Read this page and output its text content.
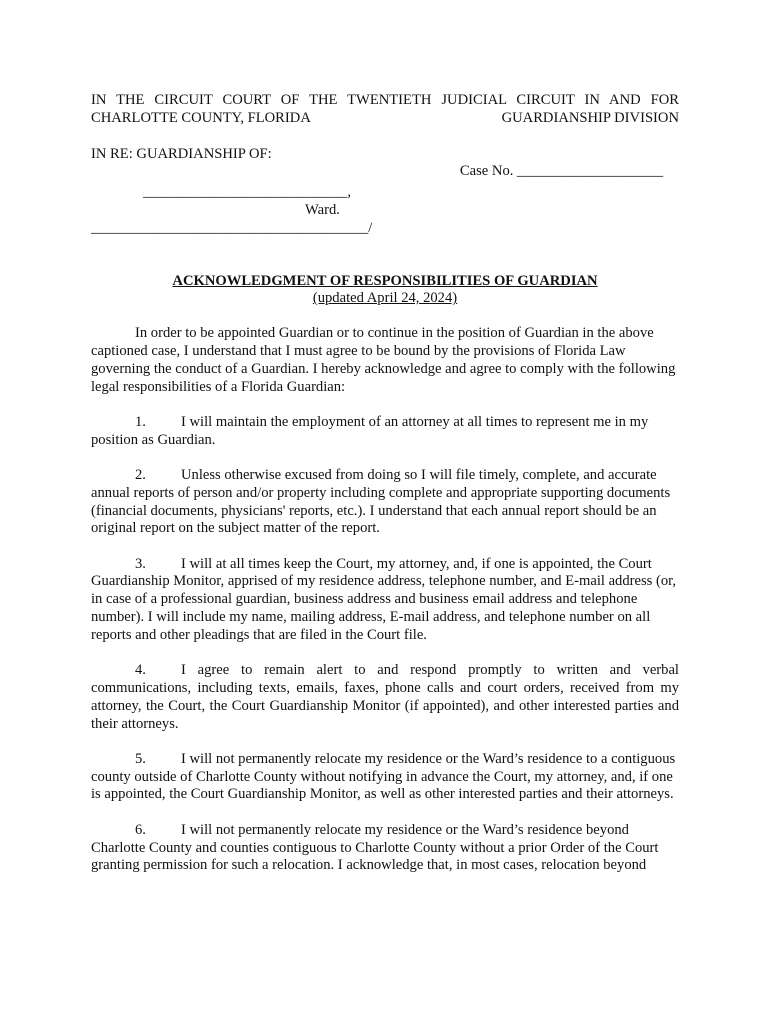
IN THE CIRCUIT COURT OF THE TWENTIETH JUDICIAL CIRCUIT IN AND FOR
CHARLOTTE COUNTY, FLORIDA	GUARDIANSHIP DIVISION
IN RE: GUARDIANSHIP OF:
Case No. ____________________
____________________________,
Ward.
______________________________________/
ACKNOWLEDGMENT OF RESPONSIBILITIES OF GUARDIAN
(updated April 24, 2024)

In order to be appointed Guardian or to continue in the position of Guardian in the above captioned case, I understand that I must agree to be bound by the provisions of Florida Law governing the conduct of a Guardian. I hereby acknowledge and agree to comply with the following legal responsibilities of a Florida Guardian:

1. I will maintain the employment of an attorney at all times to represent me in my position as Guardian.

2. Unless otherwise excused from doing so I will file timely, complete, and accurate annual reports of person and/or property including complete and appropriate supporting documents (financial documents, physicians' reports, etc.). I understand that each annual report should be an original report on the subject matter of the report.

3. I will at all times keep the Court, my attorney, and, if one is appointed, the Court Guardianship Monitor, apprised of my residence address, telephone number, and E-mail address (or, in case of a professional guardian, business address and business email address and telephone number). I will include my name, mailing address, E-mail address, and telephone number on all reports and other pleadings that are filed in the Court file.

4. I agree to remain alert to and respond promptly to written and verbal communications, including texts, emails, faxes, phone calls and court orders, received from my attorney, the Court, the Court Guardianship Monitor (if appointed), and other interested parties and their attorneys.

5. I will not permanently relocate my residence or the Ward’s residence to a contiguous county outside of Charlotte County without notifying in advance the Court, my attorney, and, if one is appointed, the Court Guardianship Monitor, as well as other interested parties and their attorneys.

6. I will not permanently relocate my residence or the Ward’s residence beyond Charlotte County and counties contiguous to Charlotte County without a prior Order of the Court granting permission for such a relocation. I acknowledge that, in most cases, relocation beyond
